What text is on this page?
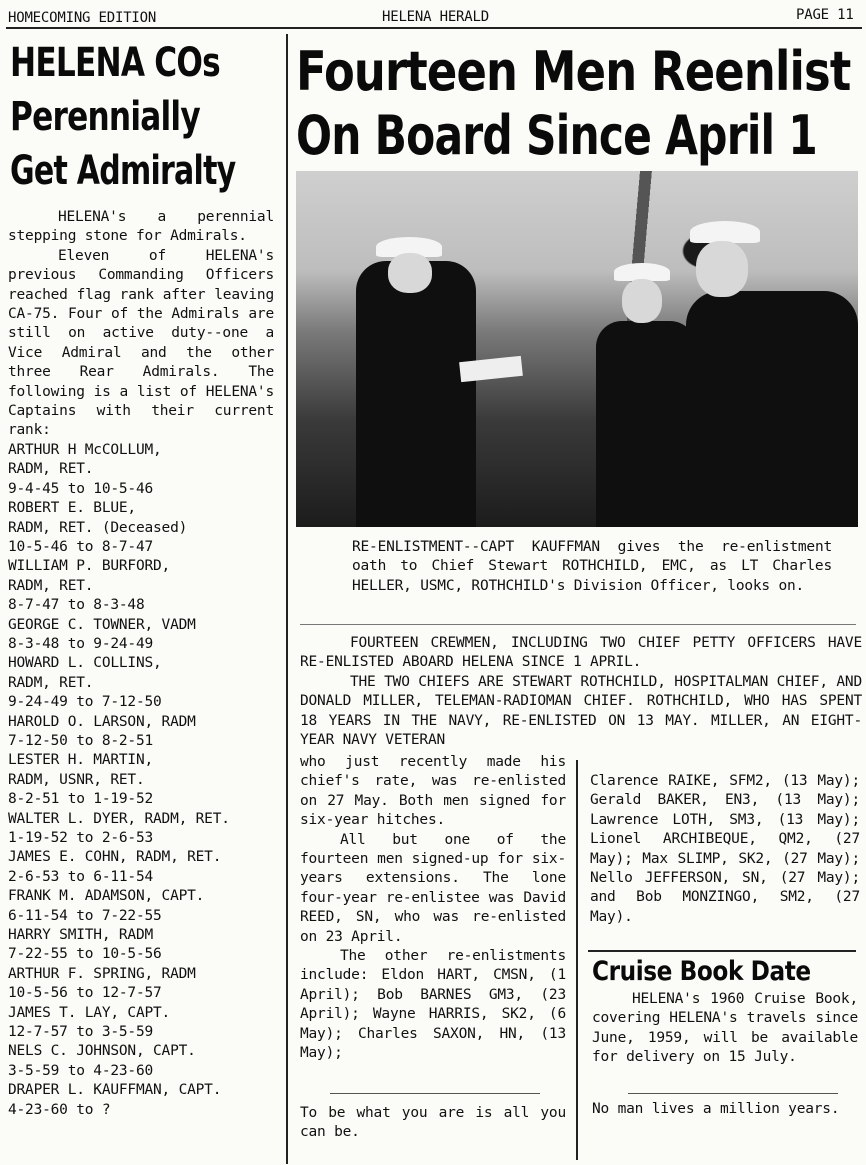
HOMECOMING EDITION	HELENA HERALD	PAGE 11
HELENA COs
Perennially
Get Admiralty

HELENA's a perennial stepping stone for Admirals.

Eleven of HELENA's previous Commanding Officers reached flag rank after leaving CA-75. Four of the Admirals are still on active duty--one a Vice Admiral and the other three Rear Admirals. The following is a list of HELENA's Captains with their current rank:

ARTHUR H McCOLLUM,
RADM, RET.
9-4-45 to 10-5-46
ROBERT E. BLUE,
RADM, RET. (Deceased)
10-5-46 to 8-7-47
WILLIAM P. BURFORD,
RADM, RET.
8-7-47 to 8-3-48
GEORGE C. TOWNER, VADM
8-3-48 to 9-24-49
HOWARD L. COLLINS,
RADM, RET.
9-24-49 to 7-12-50
HAROLD O. LARSON, RADM
7-12-50 to 8-2-51
LESTER H. MARTIN,
RADM, USNR, RET.
8-2-51 to 1-19-52
WALTER L. DYER, RADM, RET.
1-19-52 to 2-6-53
JAMES E. COHN, RADM, RET.
2-6-53 to 6-11-54
FRANK M. ADAMSON, CAPT.
6-11-54 to 7-22-55
HARRY SMITH, RADM
7-22-55 to 10-5-56
ARTHUR F. SPRING, RADM
10-5-56 to 12-7-57
JAMES T. LAY, CAPT.
12-7-57 to 3-5-59
NELS C. JOHNSON, CAPT.
3-5-59 to 4-23-60
DRAPER L. KAUFFMAN, CAPT.
4-23-60 to ?
Fourteen Men Reenlist
On Board Since April 1
RE-ENLISTMENT--CAPT KAUFFMAN gives the re-enlistment oath to Chief Stewart ROTHCHILD, EMC, as LT Charles HELLER, USMC, ROTHCHILD's Division Officer, looks on.

FOURTEEN CREWMEN, INCLUDING TWO CHIEF PETTY OFFICERS HAVE RE-ENLISTED ABOARD HELENA SINCE 1 APRIL.

THE TWO CHIEFS ARE STEWART ROTHCHILD, HOSPITALMAN CHIEF, AND DONALD MILLER, TELEMAN-RADIOMAN CHIEF. ROTHCHILD, WHO HAS SPENT 18 YEARS IN THE NAVY, RE-ENLISTED ON 13 MAY. MILLER, AN EIGHT-YEAR NAVY VETERAN

who just recently made his chief's rate, was re-enlisted on 27 May. Both men signed for six-year hitches.

All but one of the fourteen men signed-up for six-years extensions. The lone four-year re-enlistee was David REED, SN, who was re-enlisted on 23 April.

The other re-enlistments include: Eldon HART, CMSN, (1 April); Bob BARNES GM3, (23 April); Wayne HARRIS, SK2, (6 May); Charles SAXON, HN, (13 May);

Clarence RAIKE, SFM2, (13 May); Gerald BAKER, EN3, (13 May); Lawrence LOTH, SM3, (13 May); Lionel ARCHIBEQUE, QM2, (27 May); Max SLIMP, SK2, (27 May); Nello JEFFERSON, SN, (27 May); and Bob MONZINGO, SM2, (27 May).
Cruise Book Date
HELENA's 1960 Cruise Book, covering HELENA's travels since June, 1959, will be available for delivery on 15 July.
To be what you are is all you can be.
No man lives a million years.
